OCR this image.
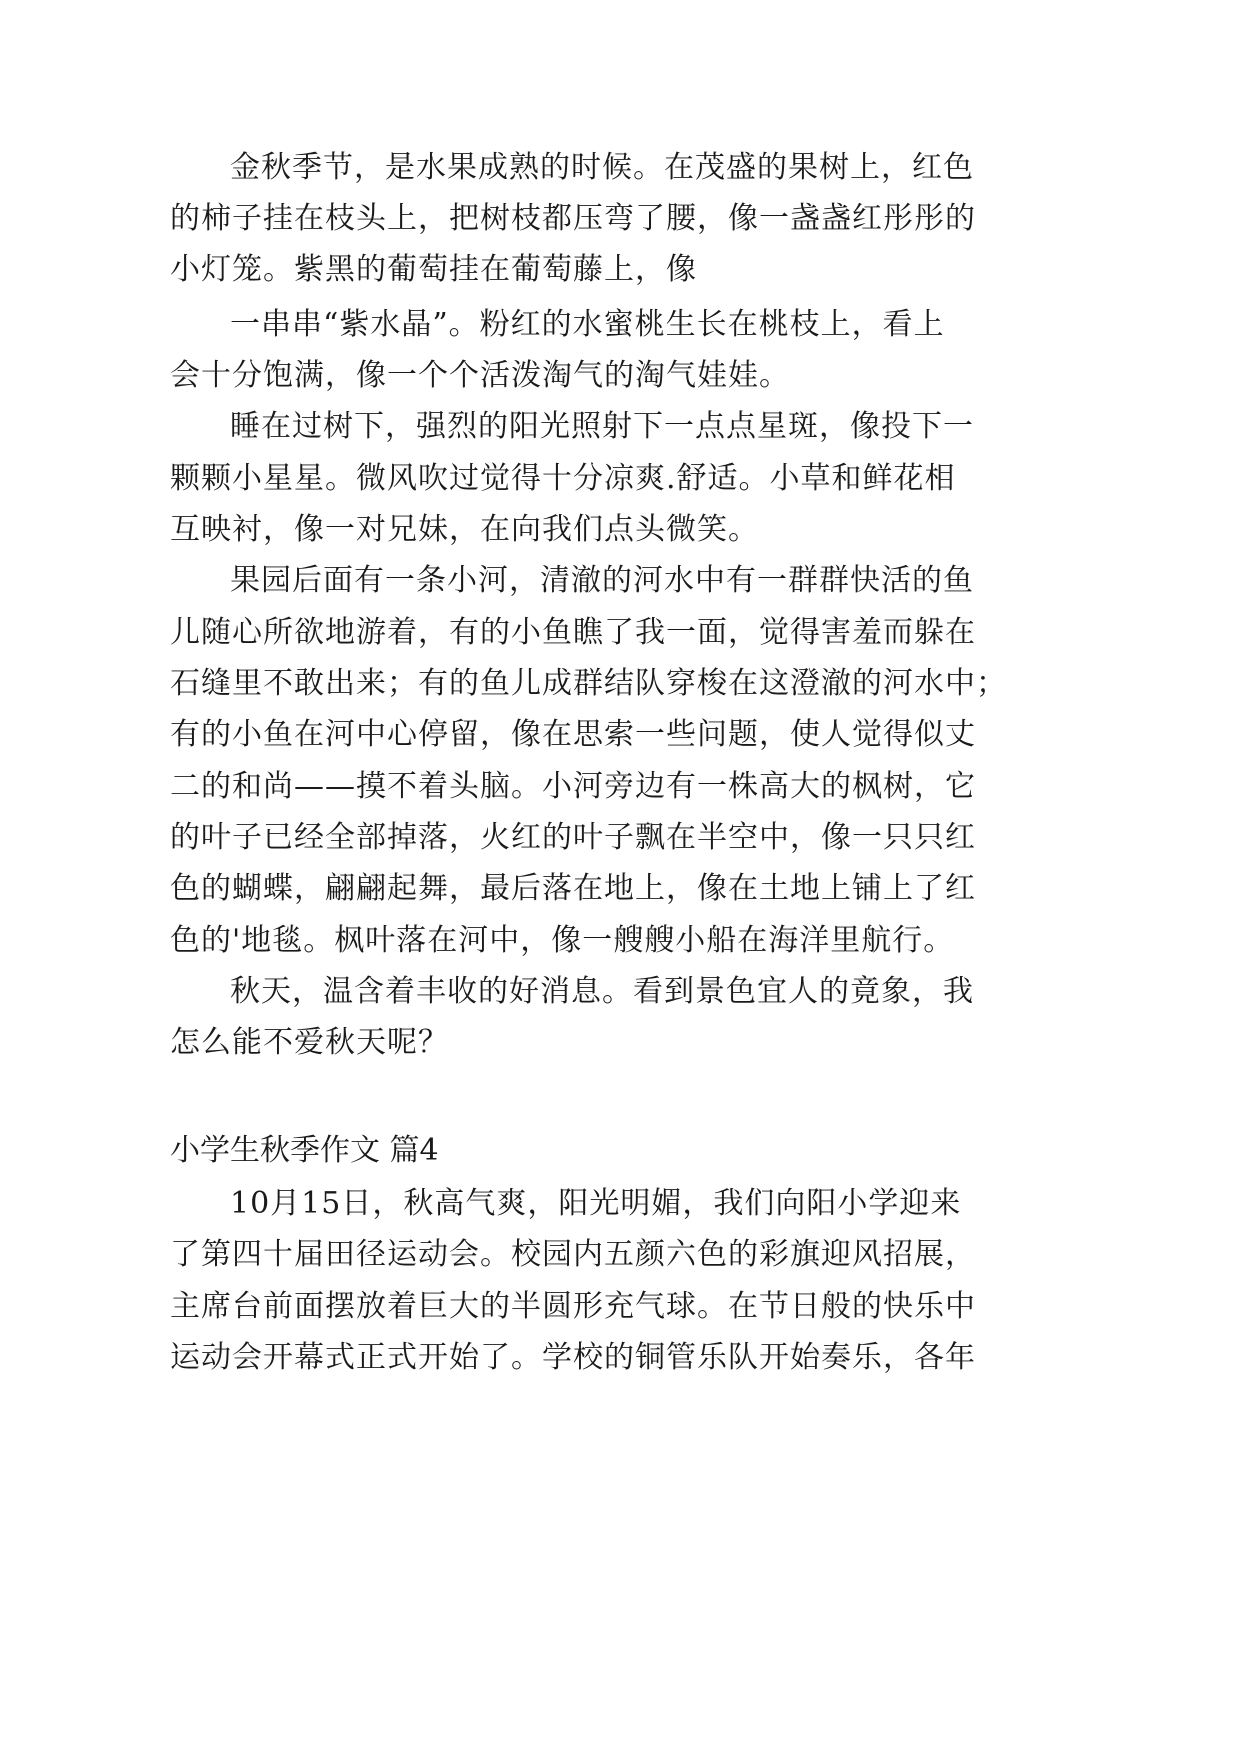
金秋季节，是水果成熟的时候。在茂盛的果树上，红色
的柿子挂在枝头上，把树枝都压弯了腰，像一盏盏红彤彤的
小灯笼。紫黑的葡萄挂在葡萄藤上，像
一串串“紫水晶”。粉红的水蜜桃生长在桃枝上，看上
会十分饱满，像一个个活泼淘气的淘气娃娃。
睡在过树下，强烈的阳光照射下一点点星斑，像投下一
颗颗小星星。微风吹过觉得十分凉爽.舒适。小草和鲜花相
互映衬，像一对兄妹，在向我们点头微笑。
果园后面有一条小河，清澈的河水中有一群群快活的鱼
儿随心所欲地游着，有的小鱼瞧了我一面，觉得害羞而躲在
石缝里不敢出来；有的鱼儿成群结队穿梭在这澄澈的河水中；
有的小鱼在河中心停留，像在思索一些问题，使人觉得似丈
二的和尚——摸不着头脑。小河旁边有一株高大的枫树，它
的叶子已经全部掉落，火红的叶子飘在半空中，像一只只红
色的蝴蝶，翩翩起舞，最后落在地上，像在土地上铺上了红
色的'地毯。枫叶落在河中，像一艘艘小船在海洋里航行。
秋天，温含着丰收的好消息。看到景色宜人的竟象，我
怎么能不爱秋天呢？
小学生秋季作文 篇4
10月15日，秋高气爽，阳光明媚，我们向阳小学迎来
了第四十届田径运动会。校园内五颜六色的彩旗迎风招展，
主席台前面摆放着巨大的半圆形充气球。在节日般的快乐中
运动会开幕式正式开始了。学校的铜管乐队开始奏乐，各年
